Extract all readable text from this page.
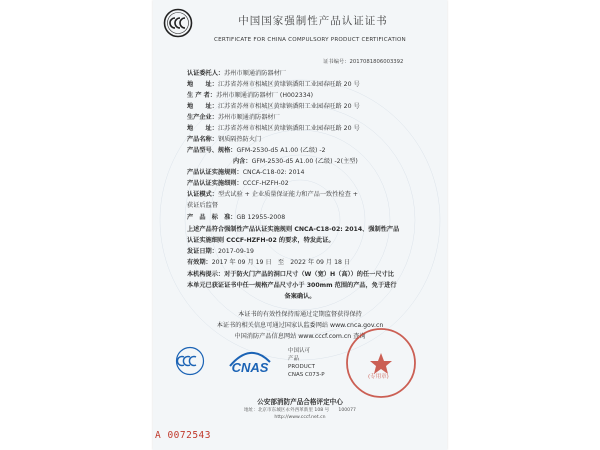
中国国家强制性产品认证证书
CERTIFICATE FOR CHINA COMPULSORY PRODUCT CERTIFICATION
证书编号：2017081806003392
认证委托人：苏州市顺通消防器材厂
地　　址：江苏省苏州市相城区黄埭镇潘阳工业园春旺路 20 号
生 产 者：苏州市顺通消防器材厂 (H002334)
地　　址：江苏省苏州市相城区黄埭镇潘阳工业园春旺路 20 号
生产企业：苏州市顺通消防器材厂
地　　址：江苏省苏州市相城区黄埭镇潘阳工业园春旺路 20 号
产品名称：钢质隔热防火门
产品型号、规格：GFM-2530-d5 A1.00 (乙级) -2
内含：GFM-2530-d5 A1.00 (乙级) -2(主型)
产品认证实施规则：CNCA-C18-02: 2014
产品认证实施细则：CCCF-HZFH-02
认证模式：型式试验 + 企业质量保证能力和产品一致性检查 +
获证后监督
产　品　标　准：GB 12955-2008
上述产品符合强制性产品认证实施规则 CNCA-C18-02: 2014、强制性产品
认证实施细则 CCCF-HZFH-02 的要求，特发此证。
发证日期：2017-09-19
有效期：2017 年 09 月 19 日　至　2022 年 09 月 18 日
本机构提示：对于防火门产品的洞口尺寸（W（宽）H（高））的任一尺寸比
本单元已获证证书中任一规格产品尺寸小于 300mm 范围的产品，免于进行
备案确认。
本证书的有效性保持需通过定期监督获得保持
本证书的相关信息可通过国家认监委网站 www.cnca.gov.cn
中国消防产品信息网站 www.cccf.com.cn 查询
CNAS
中国认可
产品
PRODUCT
CNAS C073-P	(专用章)
公安部消防产品合格评定中心
地址：北京市东城区永外西革新里 108 号　　100077
http://www.cccf.net.cn
A 0072543
